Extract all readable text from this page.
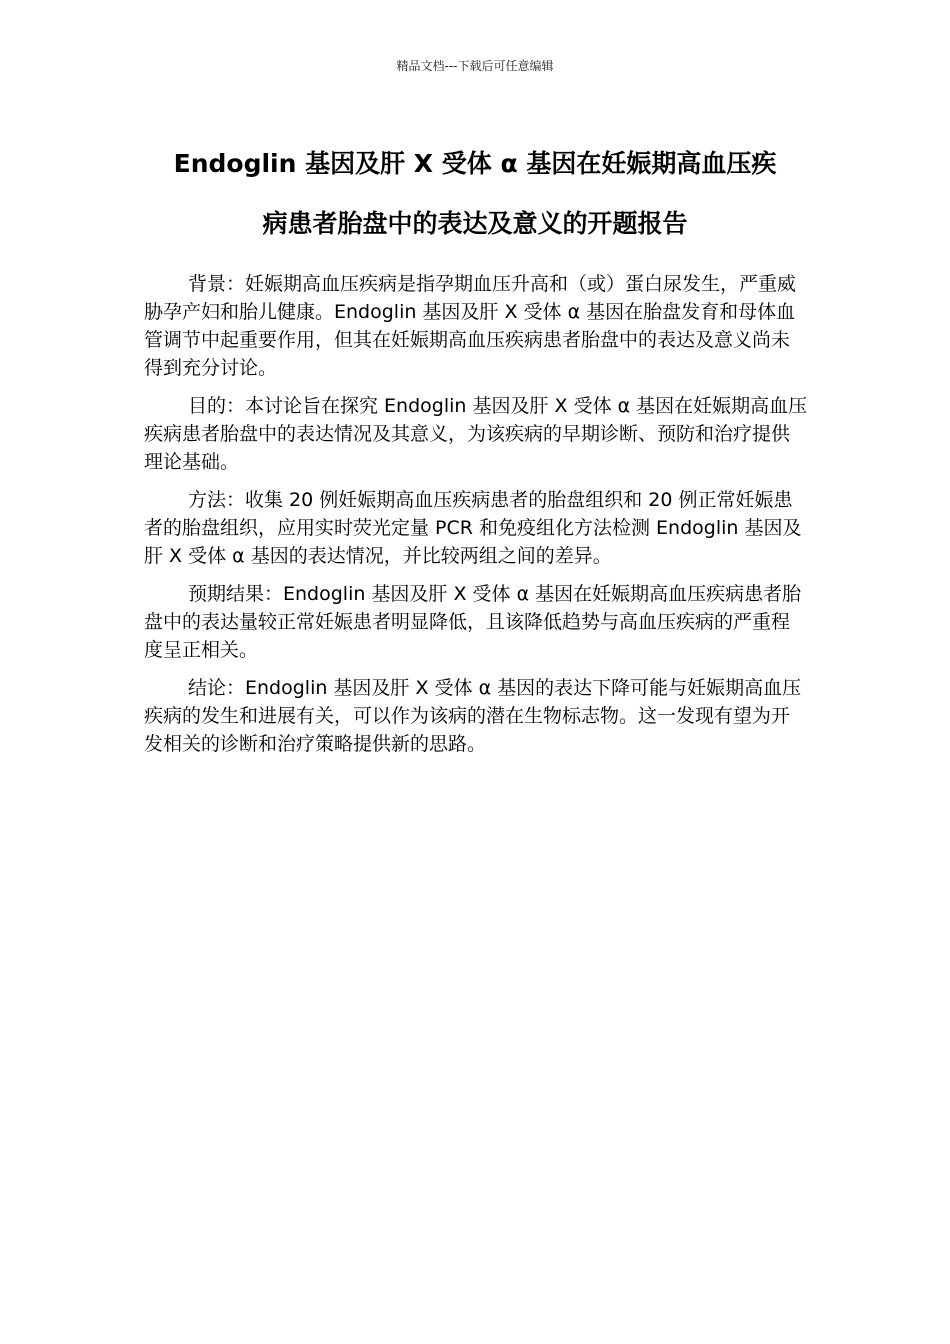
精品文档---下载后可任意编辑
Endoglin 基因及肝 X 受体 α 基因在妊娠期高血压疾
病患者胎盘中的表达及意义的开题报告

背景：妊娠期高血压疾病是指孕期血压升高和（或）蛋白尿发生，严重威胁孕产妇和胎儿健康。Endoglin 基因及肝 X 受体 α 基因在胎盘发育和母体血管调节中起重要作用，但其在妊娠期高血压疾病患者胎盘中的表达及意义尚未得到充分讨论。

目的：本讨论旨在探究 Endoglin 基因及肝 X 受体 α 基因在妊娠期高血压疾病患者胎盘中的表达情况及其意义，为该疾病的早期诊断、预防和治疗提供理论基础。

方法：收集 20 例妊娠期高血压疾病患者的胎盘组织和 20 例正常妊娠患者的胎盘组织，应用实时荧光定量 PCR 和免疫组化方法检测 Endoglin 基因及肝 X 受体 α 基因的表达情况，并比较两组之间的差异。

预期结果：Endoglin 基因及肝 X 受体 α 基因在妊娠期高血压疾病患者胎盘中的表达量较正常妊娠患者明显降低，且该降低趋势与高血压疾病的严重程度呈正相关。

结论：Endoglin 基因及肝 X 受体 α 基因的表达下降可能与妊娠期高血压疾病的发生和进展有关，可以作为该病的潜在生物标志物。这一发现有望为开发相关的诊断和治疗策略提供新的思路。
